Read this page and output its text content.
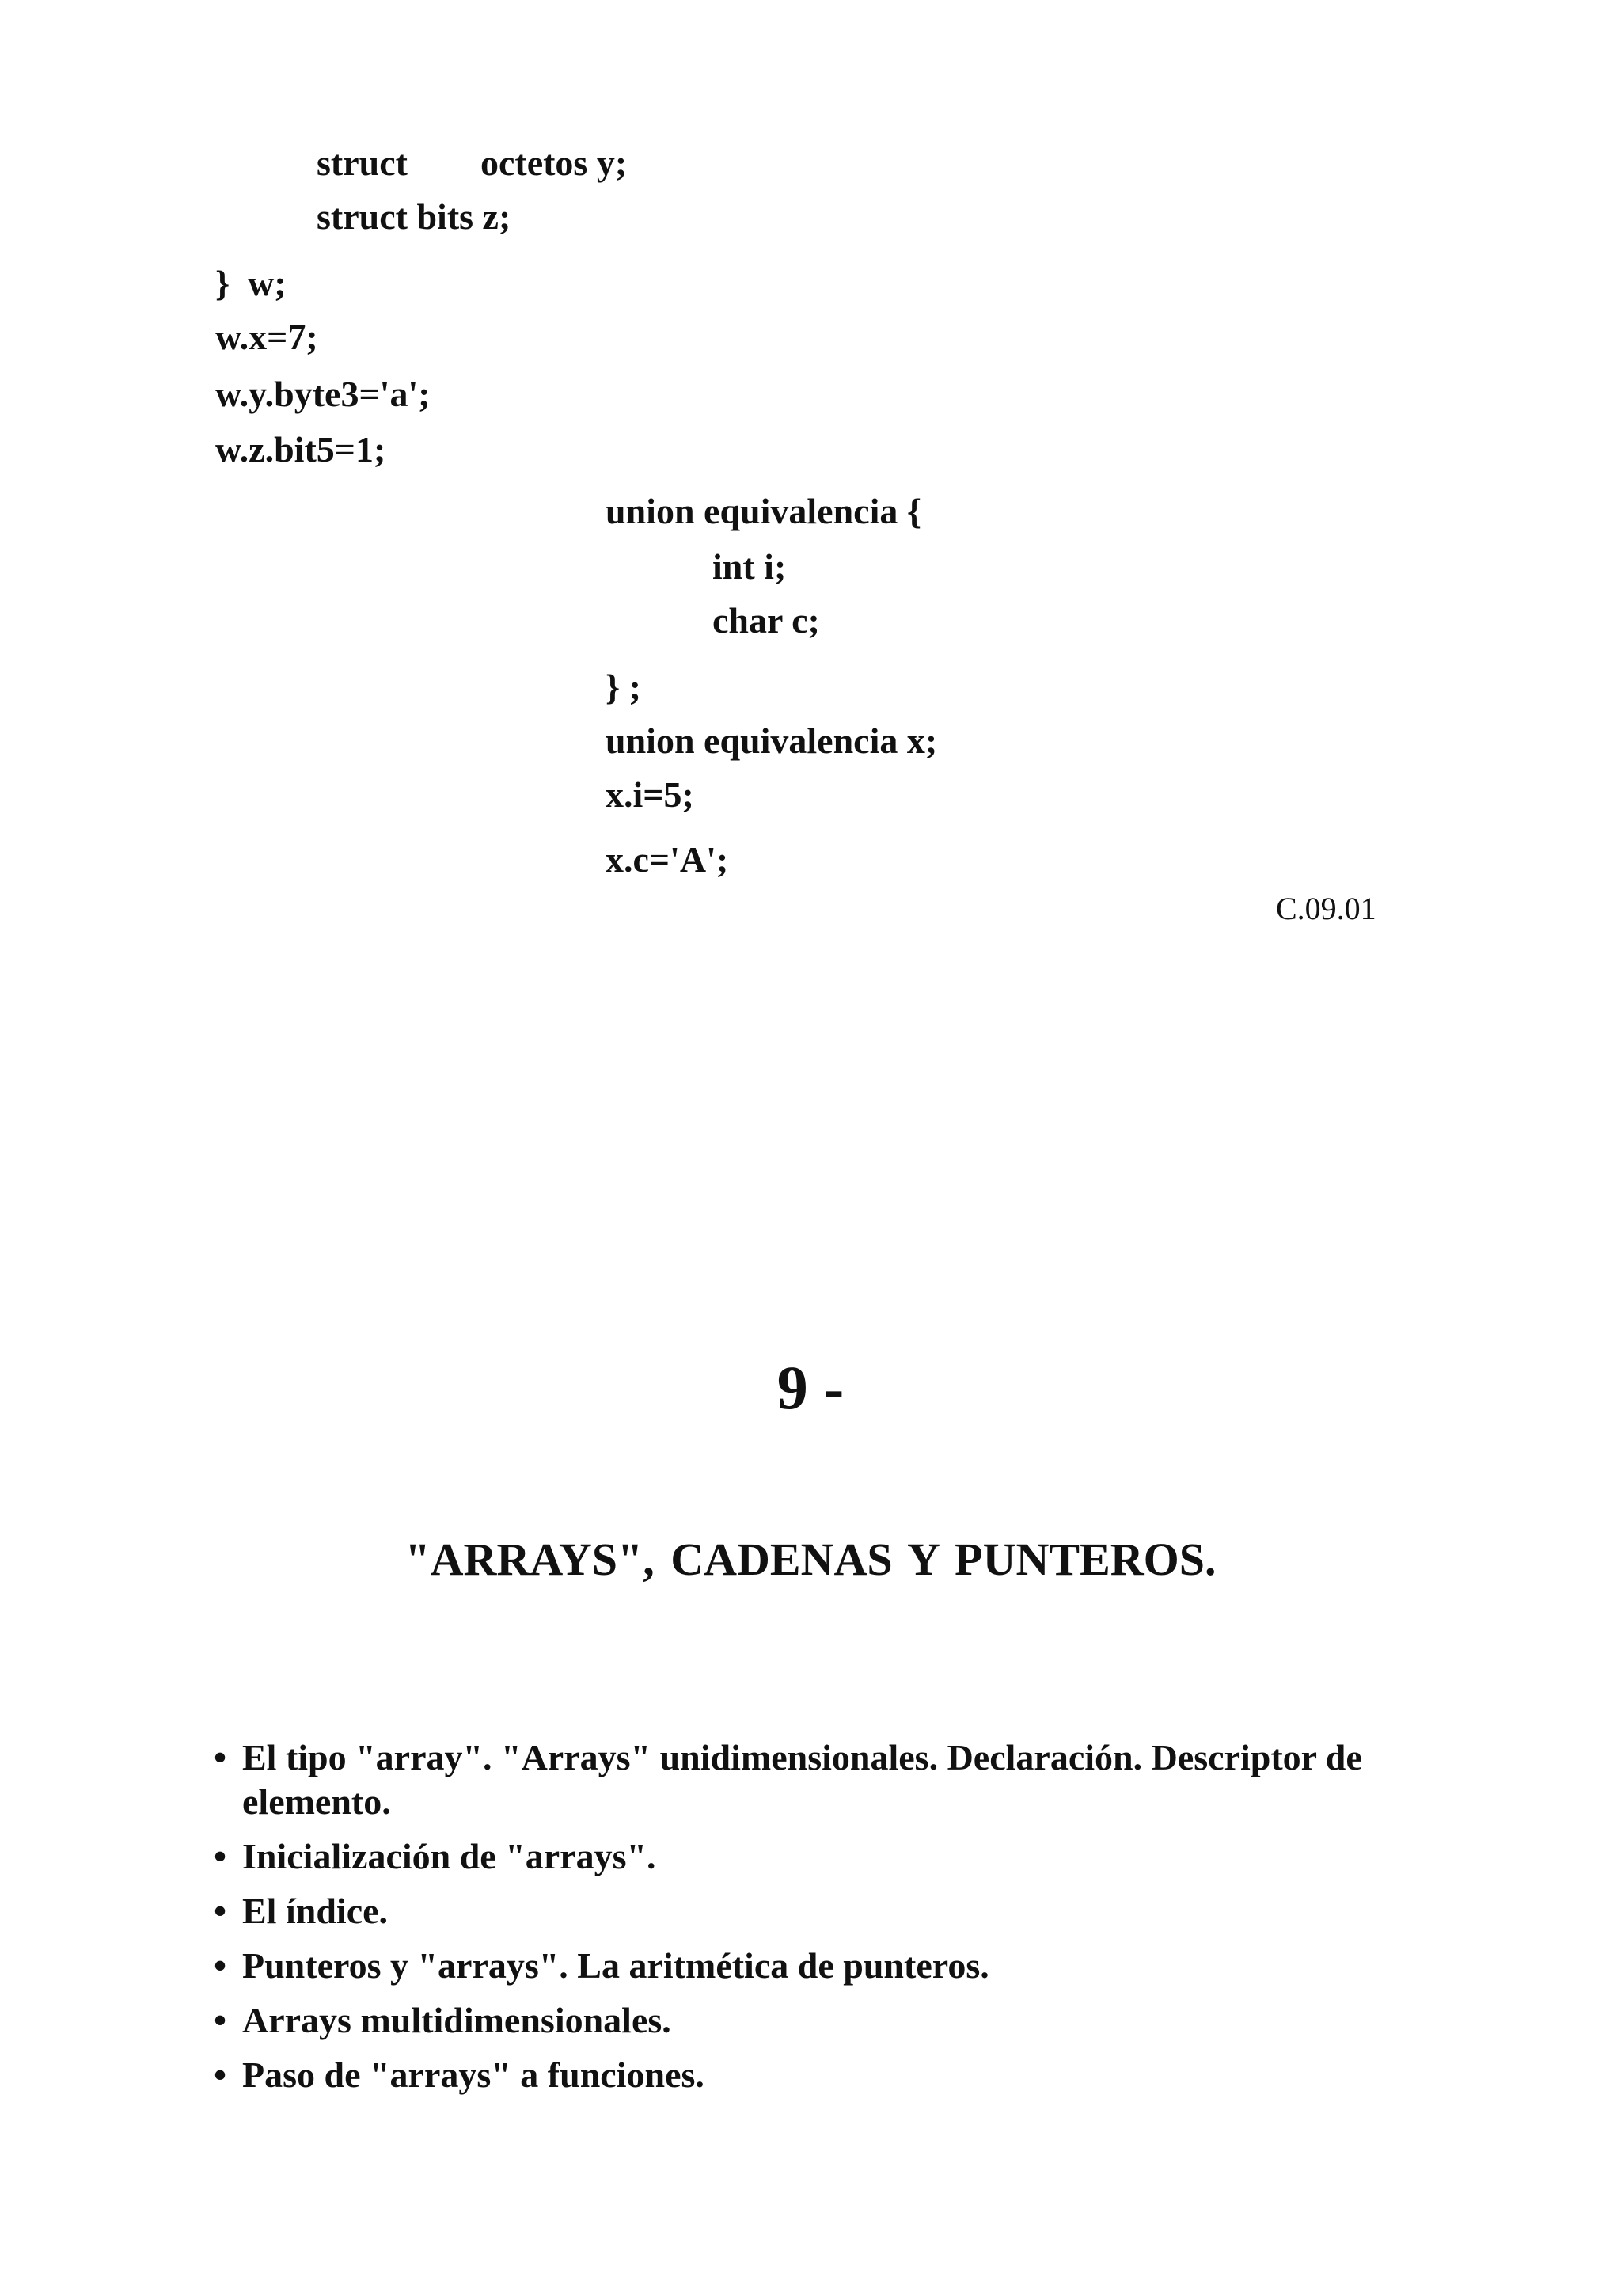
struct        octetos y;
struct bits z;
}  w;
w.x=7;
w.y.byte3='a';
w.z.bit5=1;
union equivalencia {
int i;
char c;
} ;
union equivalencia x;
x.i=5;
x.c='A';
C.09.01
9 -
"ARRAYS", CADENAS Y PUNTEROS.
• El tipo "array". "Arrays" unidimensionales. Declaración. Descriptor de elemento.
• Inicialización de "arrays".
• El índice.
• Punteros y "arrays". La aritmética de punteros.
• Arrays multidimensionales.
• Paso de "arrays" a funciones.
